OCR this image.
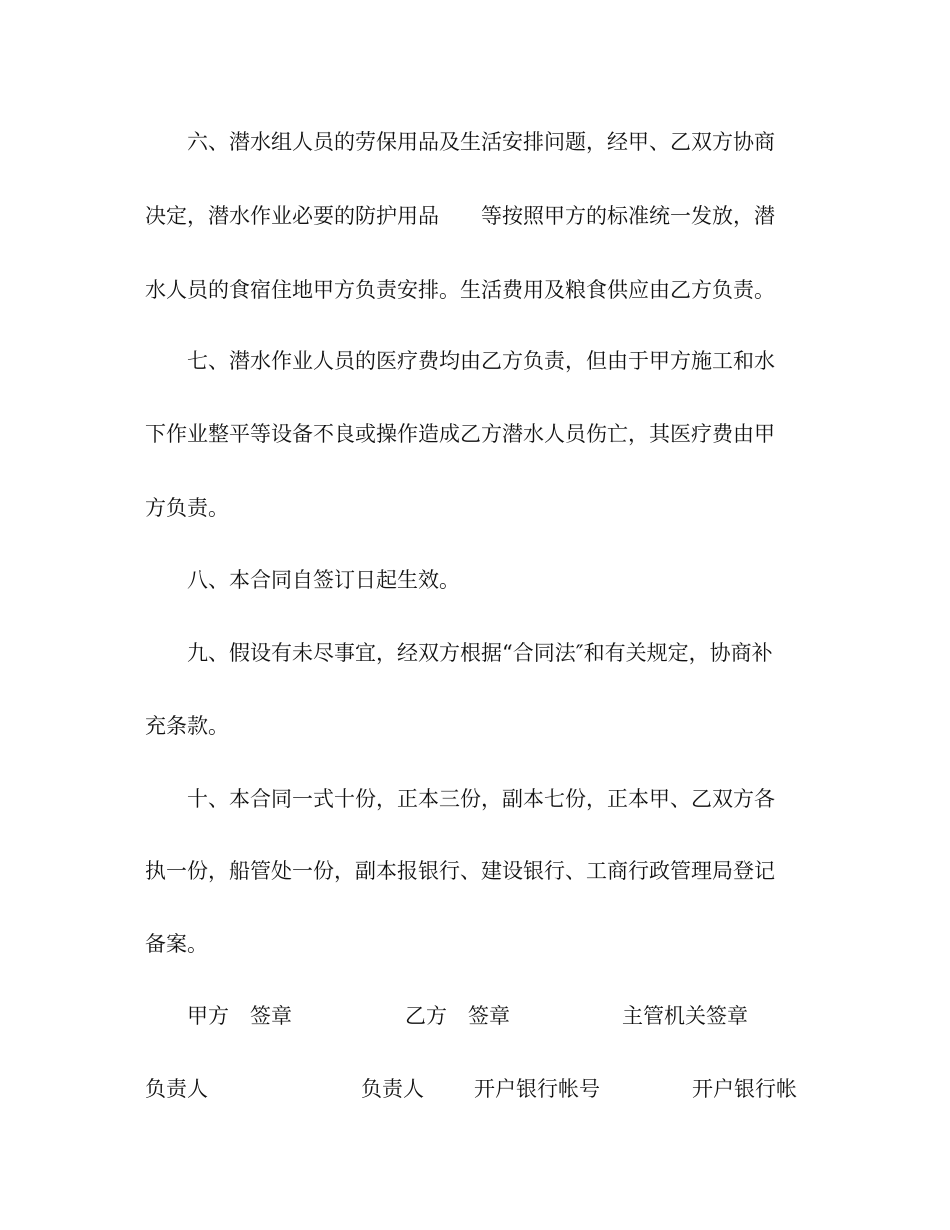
六、潜水组人员的劳保用品及生活安排问题，经甲、乙双方协商
决定，潜水作业必要的防护用品　　等按照甲方的标准统一发放，潜
水人员的食宿住地甲方负责安排。生活费用及粮食供应由乙方负责。
七、潜水作业人员的医疗费均由乙方负责，但由于甲方施工和水
下作业整平等设备不良或操作造成乙方潜水人员伤亡，其医疗费由甲
方负责。
八、本合同自签订日起生效。
九、假设有未尽事宜，经双方根据“合同法″和有关规定，协商补
充条款。
十、本合同一式十份，正本三份，副本七份，正本甲、乙双方各
执一份，船管处一份，副本报银行、建设银行、工商行政管理局登记
备案。
甲方　签章	乙方　签章	主管机关签章
负责人	负责人 开户银行帐号	开户银行帐
